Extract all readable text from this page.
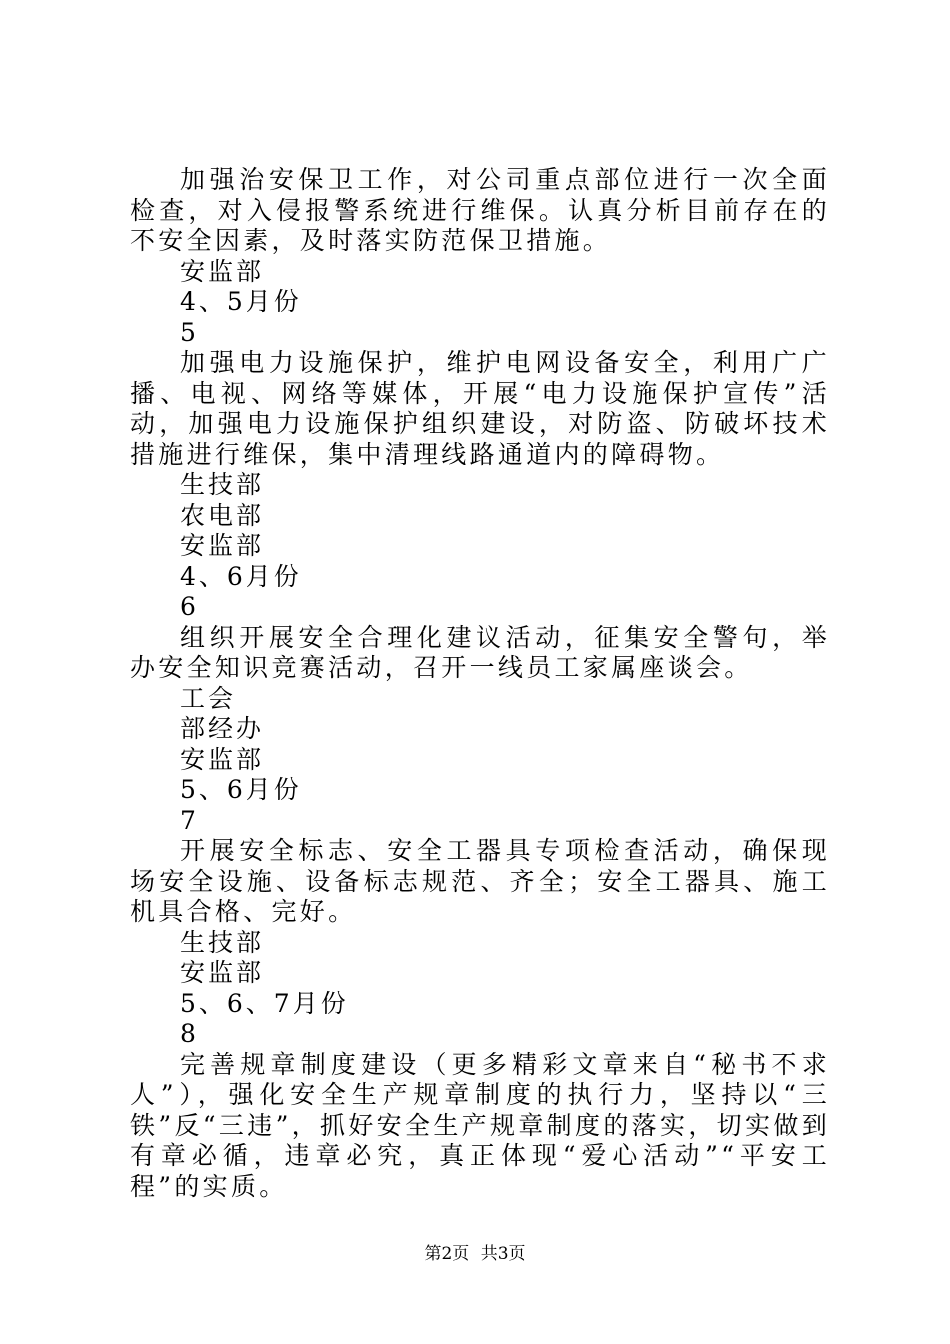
加强治安保卫工作，对公司重点部位进行一次全面检查，对入侵报警系统进行维保。认真分析目前存在的不安全因素，及时落实防范保卫措施。
安监部
4、5月份
5
加强电力设施保护，维护电网设备安全，利用广广播、电视、网络等媒体，开展“电力设施保护宣传”活动，加强电力设施保护组织建设，对防盗、防破坏技术措施进行维保，集中清理线路通道内的障碍物。
生技部
农电部
安监部
4、6月份
6
组织开展安全合理化建议活动，征集安全警句，举办安全知识竞赛活动，召开一线员工家属座谈会。
工会
部经办
安监部
5、6月份
7
开展安全标志、安全工器具专项检查活动，确保现场安全设施、设备标志规范、齐全；安全工器具、施工机具合格、完好。
生技部
安监部
5、6、7月份
8
完善规章制度建设（更多精彩文章来自“秘书不求人”），强化安全生产规章制度的执行力，坚持以“三铁”反“三违”，抓好安全生产规章制度的落实，切实做到有章必循，违章必究，真正体现“爱心活动”“平安工程”的实质。
第2页 共3页
